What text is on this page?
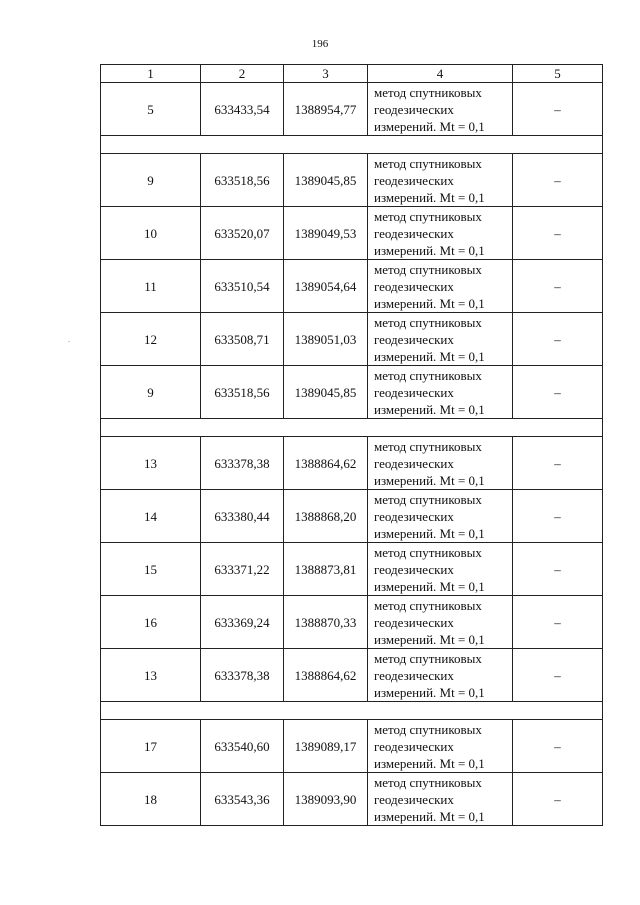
196
.
1	2	3	4	5
5	633433,54	1388954,77	метод спутниковых
геодезических
измерений. Mt = 0,1	–

9	633518,56	1389045,85	метод спутниковых
геодезических
измерений. Mt = 0,1	–
10	633520,07	1389049,53	метод спутниковых
геодезических
измерений. Mt = 0,1	–
11	633510,54	1389054,64	метод спутниковых
геодезических
измерений. Mt = 0,1	–
12	633508,71	1389051,03	метод спутниковых
геодезических
измерений. Mt = 0,1	–
9	633518,56	1389045,85	метод спутниковых
геодезических
измерений. Mt = 0,1	–

13	633378,38	1388864,62	метод спутниковых
геодезических
измерений. Mt = 0,1	–
14	633380,44	1388868,20	метод спутниковых
геодезических
измерений. Mt = 0,1	–
15	633371,22	1388873,81	метод спутниковых
геодезических
измерений. Mt = 0,1	–
16	633369,24	1388870,33	метод спутниковых
геодезических
измерений. Mt = 0,1	–
13	633378,38	1388864,62	метод спутниковых
геодезических
измерений. Mt = 0,1	–

17	633540,60	1389089,17	метод спутниковых
геодезических
измерений. Mt = 0,1	–
18	633543,36	1389093,90	метод спутниковых
геодезических
измерений. Mt = 0,1	–
